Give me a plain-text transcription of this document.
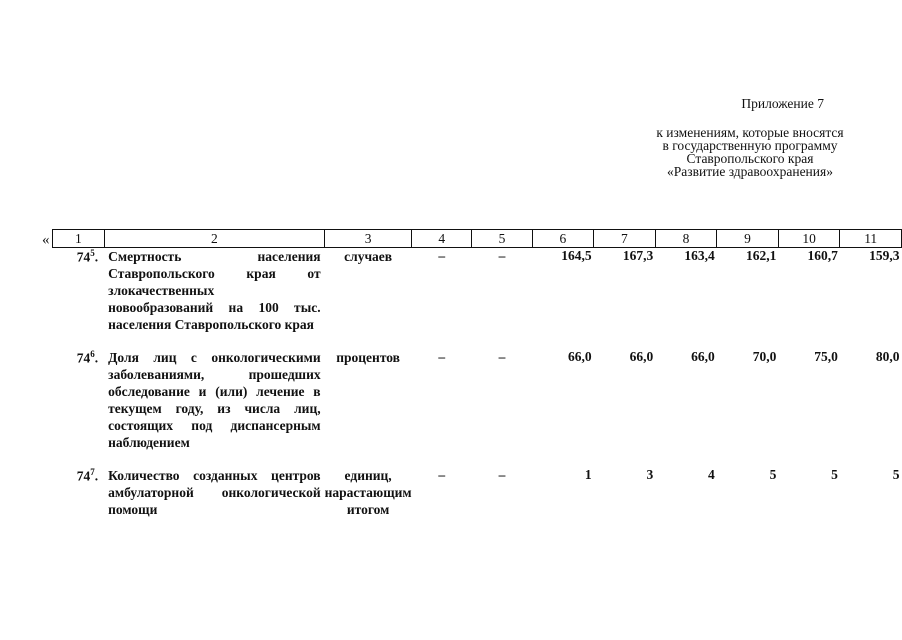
Приложение 7
к изменениям, которые вносятся
в государственную программу
Ставропольского края
«Развитие здравоохранения»
« 1	2	3	4	5	6	7	8	9	10	11
$74^5$.	Смертность населения Ставропольского края от злокачественных новообразований на 100 тыс. населения Ставропольского края	случаев	–	–	164,5	167,3	163,4	162,1	160,7	159,3

$74^6$.	Доля лиц с онкологическими заболеваниями, прошедших обследование и (или) лечение в текущем году, из числа лиц, состоящих под диспансерным наблюдением	процентов	–	–	66,0	66,0	66,0	70,0	75,0	80,0

$74^7$.	Количество созданных центров амбулаторной онкологической помощи	единиц, нарастающим итогом	–	–	1	3	4	5	5	5
